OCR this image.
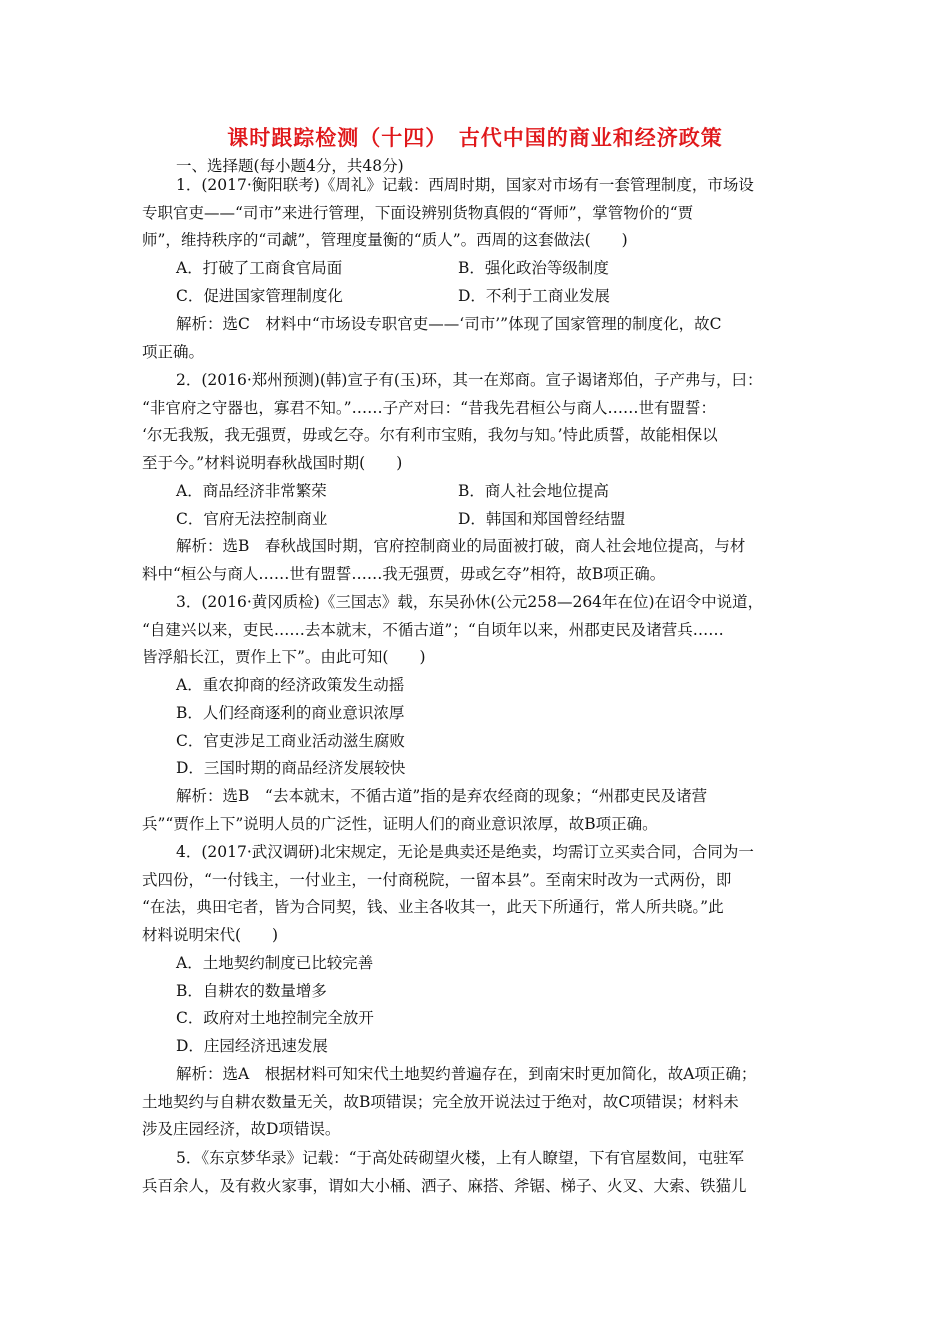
课时跟踪检测（十四）　古代中国的商业和经济政策
一、选择题(每小题4分，共48分)
1．(2017·衡阳联考)《周礼》记载：西周时期，国家对市场有一套管理制度，市场设
专职官吏——“司市”来进行管理，下面设辨别货物真假的“胥师”，掌管物价的“贾
师”，维持秩序的“司虣”，管理度量衡的“质人”。西周的这套做法(　　)
A．打破了工商食官局面	B．强化政治等级制度
C．促进国家管理制度化	D．不利于工商业发展
解析：选C　材料中“市场设专职官吏——‘司市’”体现了国家管理的制度化，故C
项正确。
2．(2016·郑州预测)(韩)宣子有(玉)环，其一在郑商。宣子谒诸郑伯，子产弗与，曰：
“非官府之守器也，寡君不知。”……子产对曰：“昔我先君桓公与商人……世有盟誓：
‘尔无我叛，我无强贾，毋或乞夺。尔有利市宝贿，我勿与知。’恃此质誓，故能相保以
至于今。”材料说明春秋战国时期(　　)
A．商品经济非常繁荣	B．商人社会地位提高
C．官府无法控制商业	D．韩国和郑国曾经结盟
解析：选B　春秋战国时期，官府控制商业的局面被打破，商人社会地位提高，与材
料中“桓公与商人……世有盟誓……我无强贾，毋或乞夺”相符，故B项正确。
3．(2016·黄冈质检)《三国志》载，东吴孙休(公元258—264年在位)在诏令中说道，
“自建兴以来，吏民……去本就末，不循古道”；“自顷年以来，州郡吏民及诸营兵……
皆浮船长江，贾作上下”。由此可知(　　)
A．重农抑商的经济政策发生动摇
B．人们经商逐利的商业意识浓厚
C．官吏涉足工商业活动滋生腐败
D．三国时期的商品经济发展较快
解析：选B　“去本就末，不循古道”指的是弃农经商的现象；“州郡吏民及诸营
兵”“贾作上下”说明人员的广泛性，证明人们的商业意识浓厚，故B项正确。
4．(2017·武汉调研)北宋规定，无论是典卖还是绝卖，均需订立买卖合同，合同为一
式四份，“一付钱主，一付业主，一付商税院，一留本县”。至南宋时改为一式两份，即
“在法，典田宅者，皆为合同契，钱、业主各收其一，此天下所通行，常人所共晓。”此
材料说明宋代(　　)
A．土地契约制度已比较完善
B．自耕农的数量增多
C．政府对土地控制完全放开
D．庄园经济迅速发展
解析：选A　根据材料可知宋代土地契约普遍存在，到南宋时更加简化，故A项正确；
土地契约与自耕农数量无关，故B项错误；完全放开说法过于绝对，故C项错误；材料未
涉及庄园经济，故D项错误。
5．《东京梦华录》记载：“于高处砖砌望火楼，上有人瞭望，下有官屋数间，屯驻军
兵百余人，及有救火家事，谓如大小桶、洒子、麻搭、斧锯、梯子、火叉、大索、铁猫儿
